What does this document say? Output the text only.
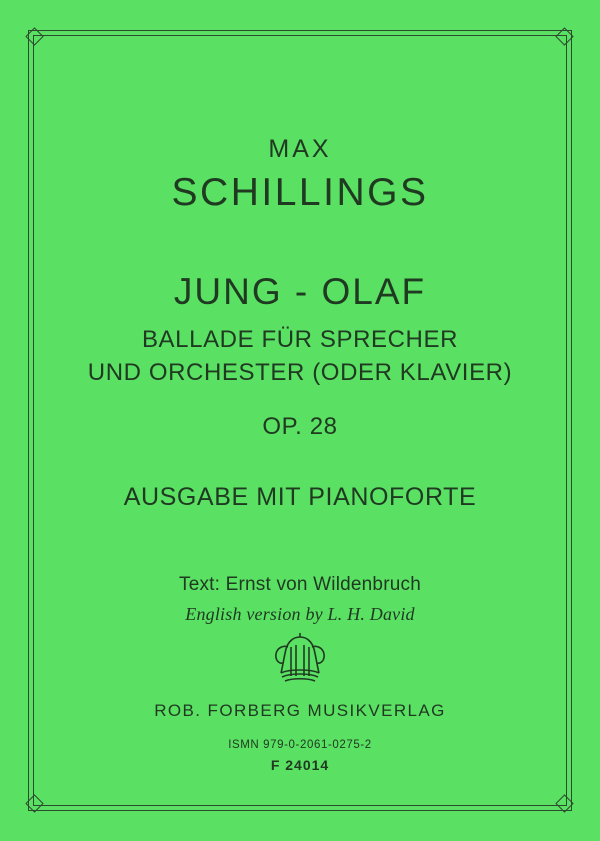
MAX
SCHILLINGS
JUNG - OLAF
BALLADE FÜR SPRECHER
UND ORCHESTER (ODER KLAVIER)
OP. 28
AUSGABE MIT PIANOFORTE
Text: Ernst von Wildenbruch
English version by L. H. David
ROB. FORBERG MUSIKVERLAG
ISMN 979-0-2061-0275-2
F 24014
